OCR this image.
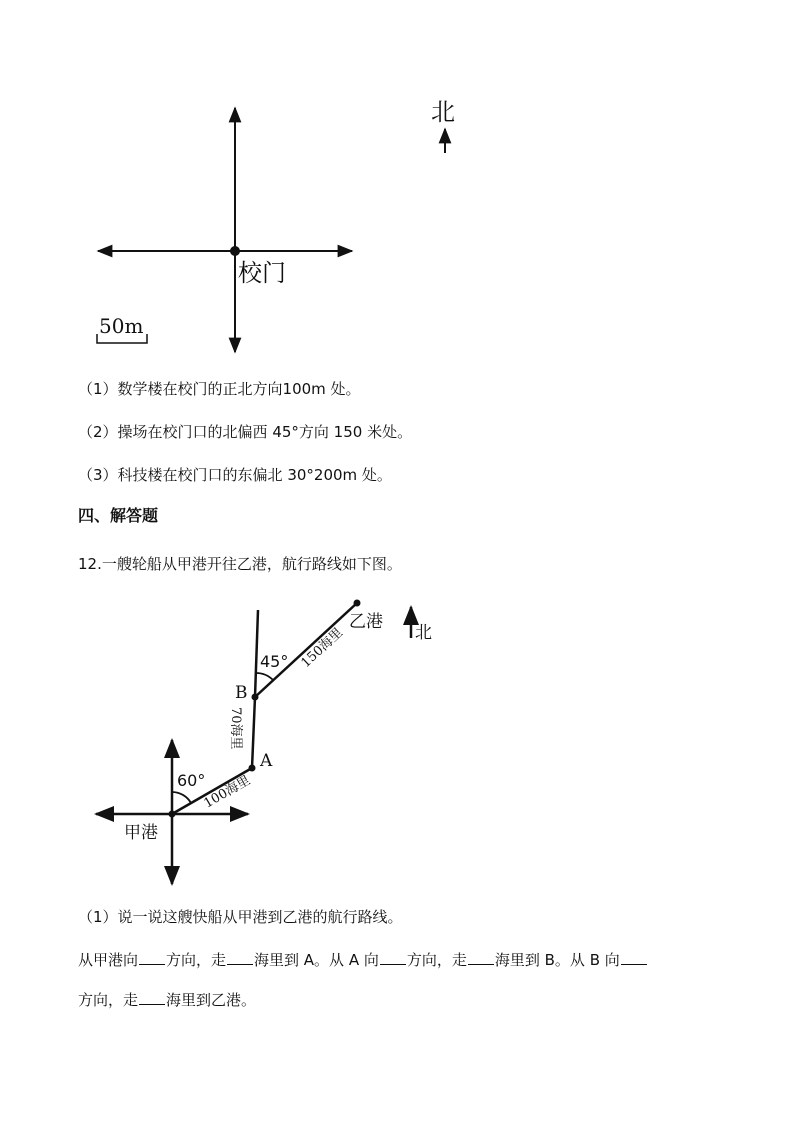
校门
北
50m
（1）数学楼在校门的正北方向100m 处。
（2）操场在校门口的北偏西 45°方向 150 米处。
（3）科技楼在校门口的东偏北 30°200m 处。
四、解答题
12.一艘轮船从甲港开往乙港，航行路线如下图。
60°
45°
A
B
甲港
乙港
100海里
70海里
150海里	北
（1）说一说这艘快船从甲港到乙港的航行路线。
从甲港向 方向，走 海里到 A。从 A 向 方向，走 海里到 B。从 B 向
方向，走 海里到乙港。
